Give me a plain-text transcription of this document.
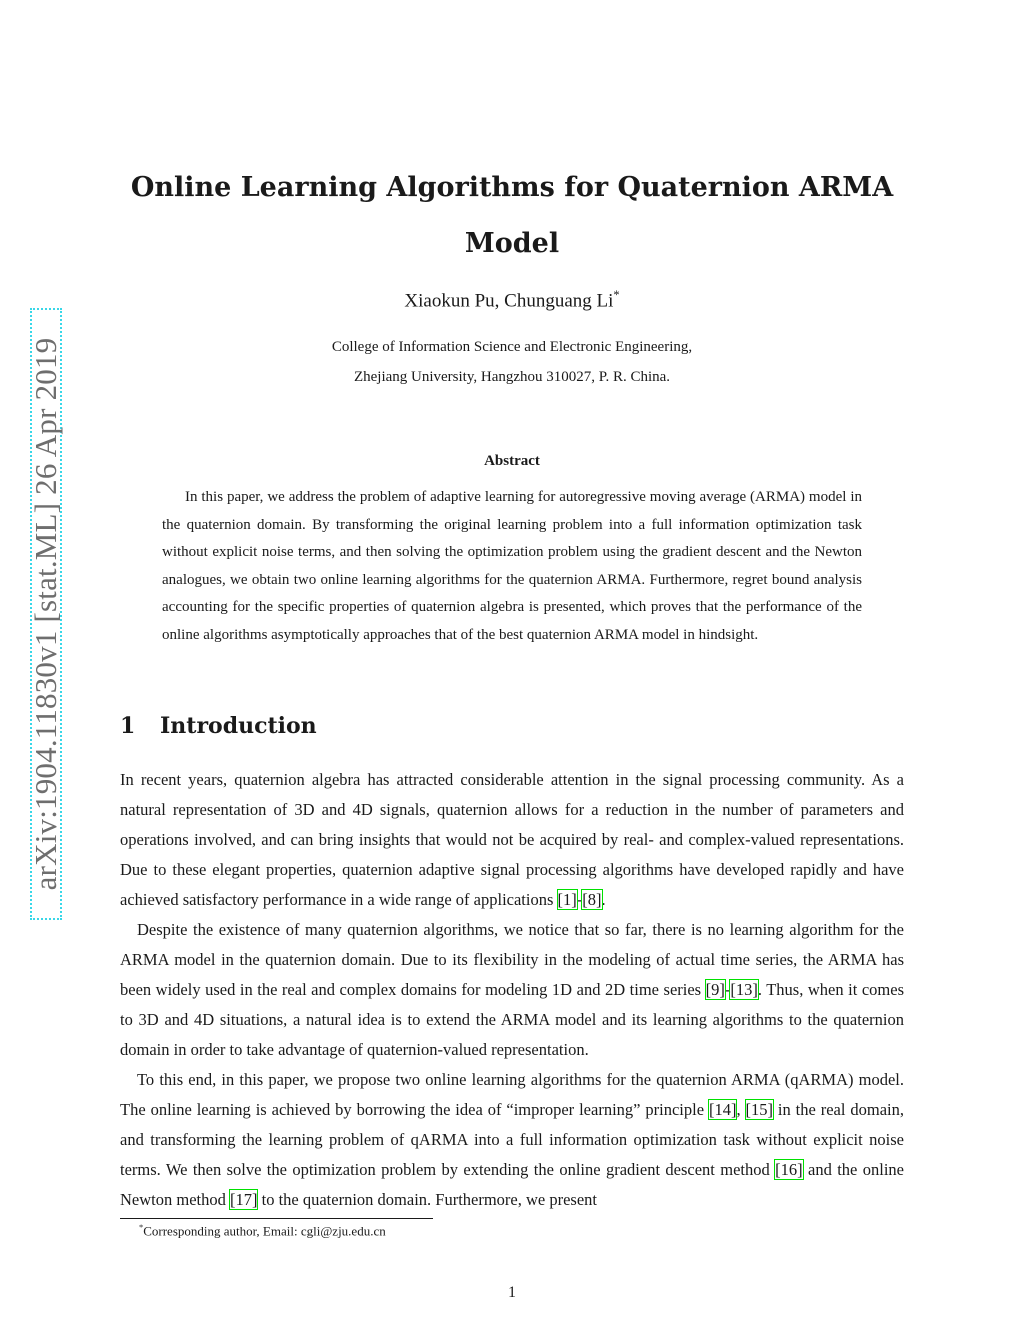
arXiv:1904.11830v1 [stat.ML] 26 Apr 2019
Online Learning Algorithms for Quaternion ARMA
Model
Xiaokun Pu, Chunguang Li*
College of Information Science and Electronic Engineering,
Zhejiang University, Hangzhou 310027, P. R. China.
Abstract

In this paper, we address the problem of adaptive learning for autoregressive moving average (ARMA) model in the quaternion domain. By transforming the original learning problem into a full information optimization task without explicit noise terms, and then solving the optimization problem using the gradient descent and the Newton analogues, we obtain two online learning algorithms for the quaternion ARMA. Furthermore, regret bound analysis accounting for the specific properties of quaternion algebra is presented, which proves that the performance of the online algorithms asymptotically approaches that of the best quaternion ARMA model in hindsight.

1 Introduction

In recent years, quaternion algebra has attracted considerable attention in the signal processing community. As a natural representation of 3D and 4D signals, quaternion allows for a reduction in the number of parameters and operations involved, and can bring insights that would not be acquired by real- and complex-valued representations. Due to these elegant properties, quaternion adaptive signal processing algorithms have developed rapidly and have achieved satisfactory performance in a wide range of applications [1]-[8].

Despite the existence of many quaternion algorithms, we notice that so far, there is no learning algorithm for the ARMA model in the quaternion domain. Due to its flexibility in the modeling of actual time series, the ARMA has been widely used in the real and complex domains for modeling 1D and 2D time series [9]-[13]. Thus, when it comes to 3D and 4D situations, a natural idea is to extend the ARMA model and its learning algorithms to the quaternion domain in order to take advantage of quaternion-valued representation.

To this end, in this paper, we propose two online learning algorithms for the quaternion ARMA (qARMA) model. The online learning is achieved by borrowing the idea of “improper learning” principle [14], [15] in the real domain, and transforming the learning problem of qARMA into a full information optimization task without explicit noise terms. We then solve the optimization problem by extending the online gradient descent method [16] and the online Newton method [17] to the quaternion domain. Furthermore, we present

*Corresponding author, Email: cgli@zju.edu.cn
1
